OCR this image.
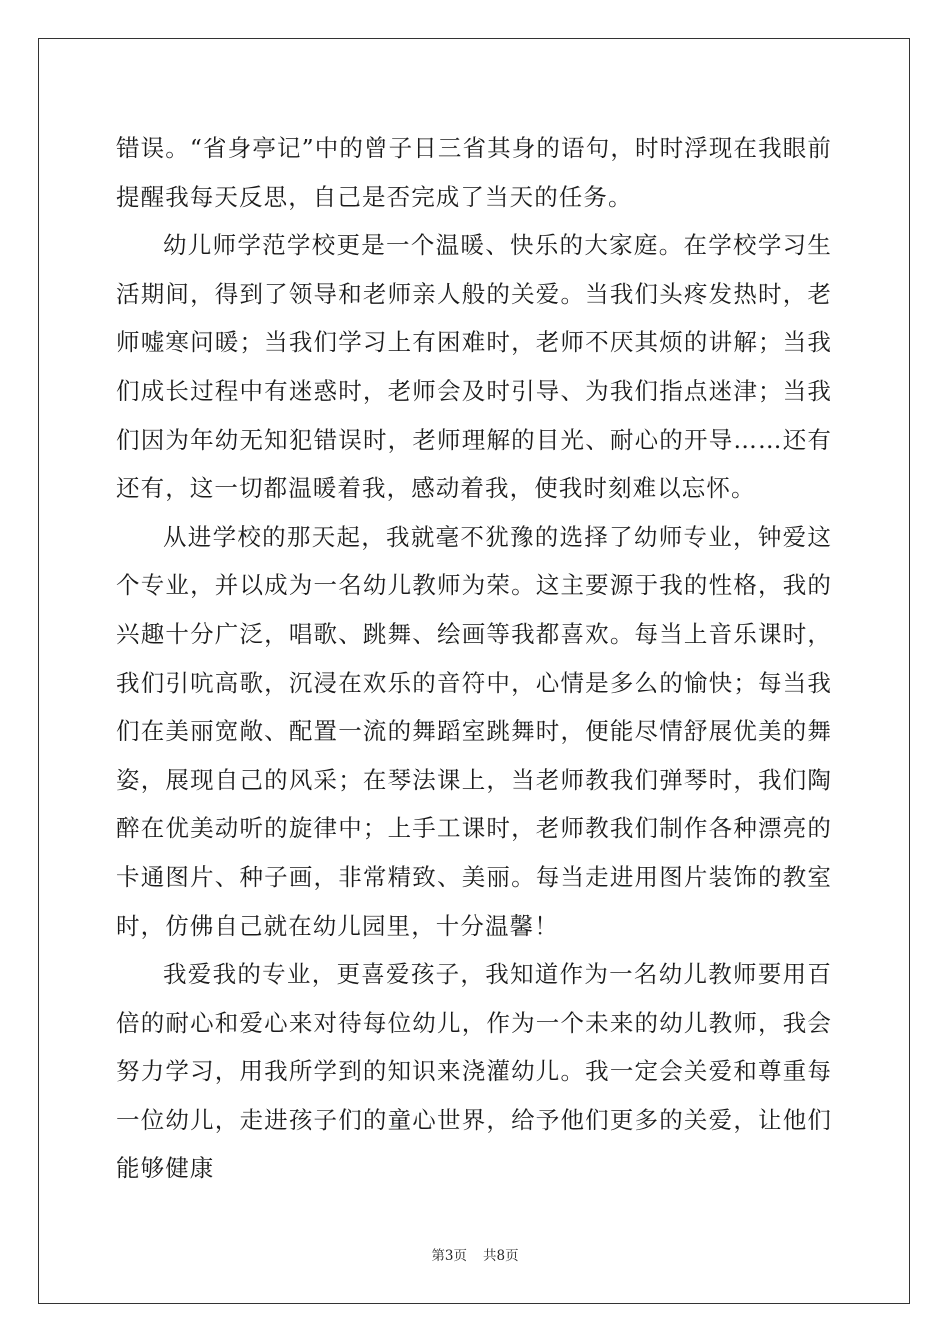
错误。“省身亭记”中的曾子日三省其身的语句，时时浮现在我眼前提醒我每天反思，自己是否完成了当天的任务。

幼儿师学范学校更是一个温暖、快乐的大家庭。在学校学习生活期间，得到了领导和老师亲人般的关爱。当我们头疼发热时，老师嘘寒问暖；当我们学习上有困难时，老师不厌其烦的讲解；当我们成长过程中有迷惑时，老师会及时引导、为我们指点迷津；当我们因为年幼无知犯错误时，老师理解的目光、耐心的开导……还有还有，这一切都温暖着我，感动着我，使我时刻难以忘怀。

从进学校的那天起，我就毫不犹豫的选择了幼师专业，钟爱这个专业，并以成为一名幼儿教师为荣。这主要源于我的性格，我的兴趣十分广泛，唱歌、跳舞、绘画等我都喜欢。每当上音乐课时，我们引吭高歌，沉浸在欢乐的音符中，心情是多么的愉快；每当我们在美丽宽敞、配置一流的舞蹈室跳舞时，便能尽情舒展优美的舞姿，展现自己的风采；在琴法课上，当老师教我们弹琴时，我们陶醉在优美动听的旋律中；上手工课时，老师教我们制作各种漂亮的卡通图片、种子画，非常精致、美丽。每当走进用图片装饰的教室时，仿佛自己就在幼儿园里，十分温馨！

我爱我的专业，更喜爱孩子，我知道作为一名幼儿教师要用百倍的耐心和爱心来对待每位幼儿，作为一个未来的幼儿教师，我会努力学习，用我所学到的知识来浇灌幼儿。我一定会关爱和尊重每一位幼儿，走进孩子们的童心世界，给予他们更多的关爱，让他们能够健康

第3页 共8页
